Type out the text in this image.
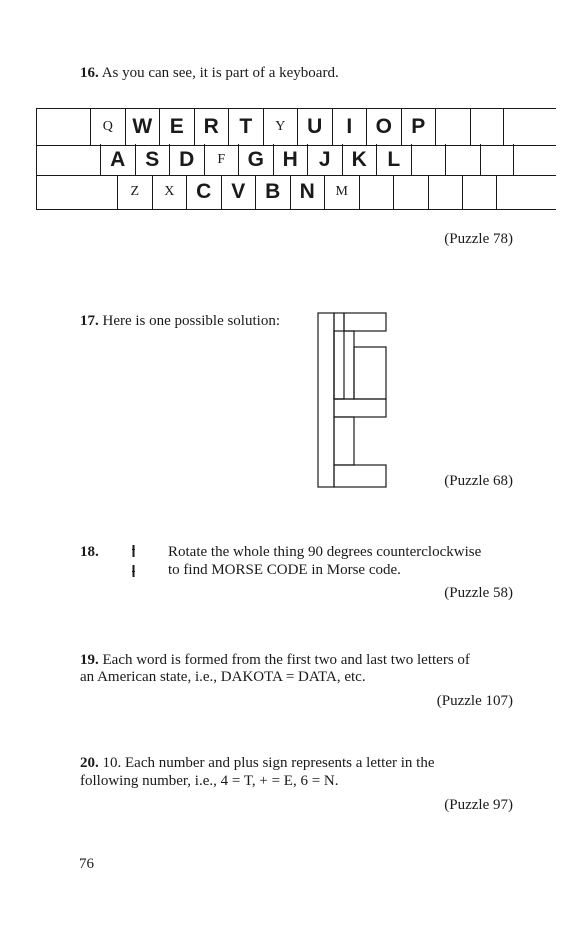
16. As you can see, it is part of a keyboard.
Q W E R T	Y	U	I	O P
A S D	F	G H	J	K L
Z	X	C V B N	M
(Puzzle 78)
17. Here is one possible solution:
(Puzzle 68)
18.	Rotate the whole thing 90 degrees counterclockwise
to find MORSE CODE in Morse code.
(Puzzle 58)
19. Each word is formed from the first two and last two letters of
an American state, i.e., DAKOTA = DATA, etc.
(Puzzle 107)
20. 10. Each number and plus sign represents a letter in the
following number, i.e., 4 = T, + = E, 6 = N.
(Puzzle 97)
76
